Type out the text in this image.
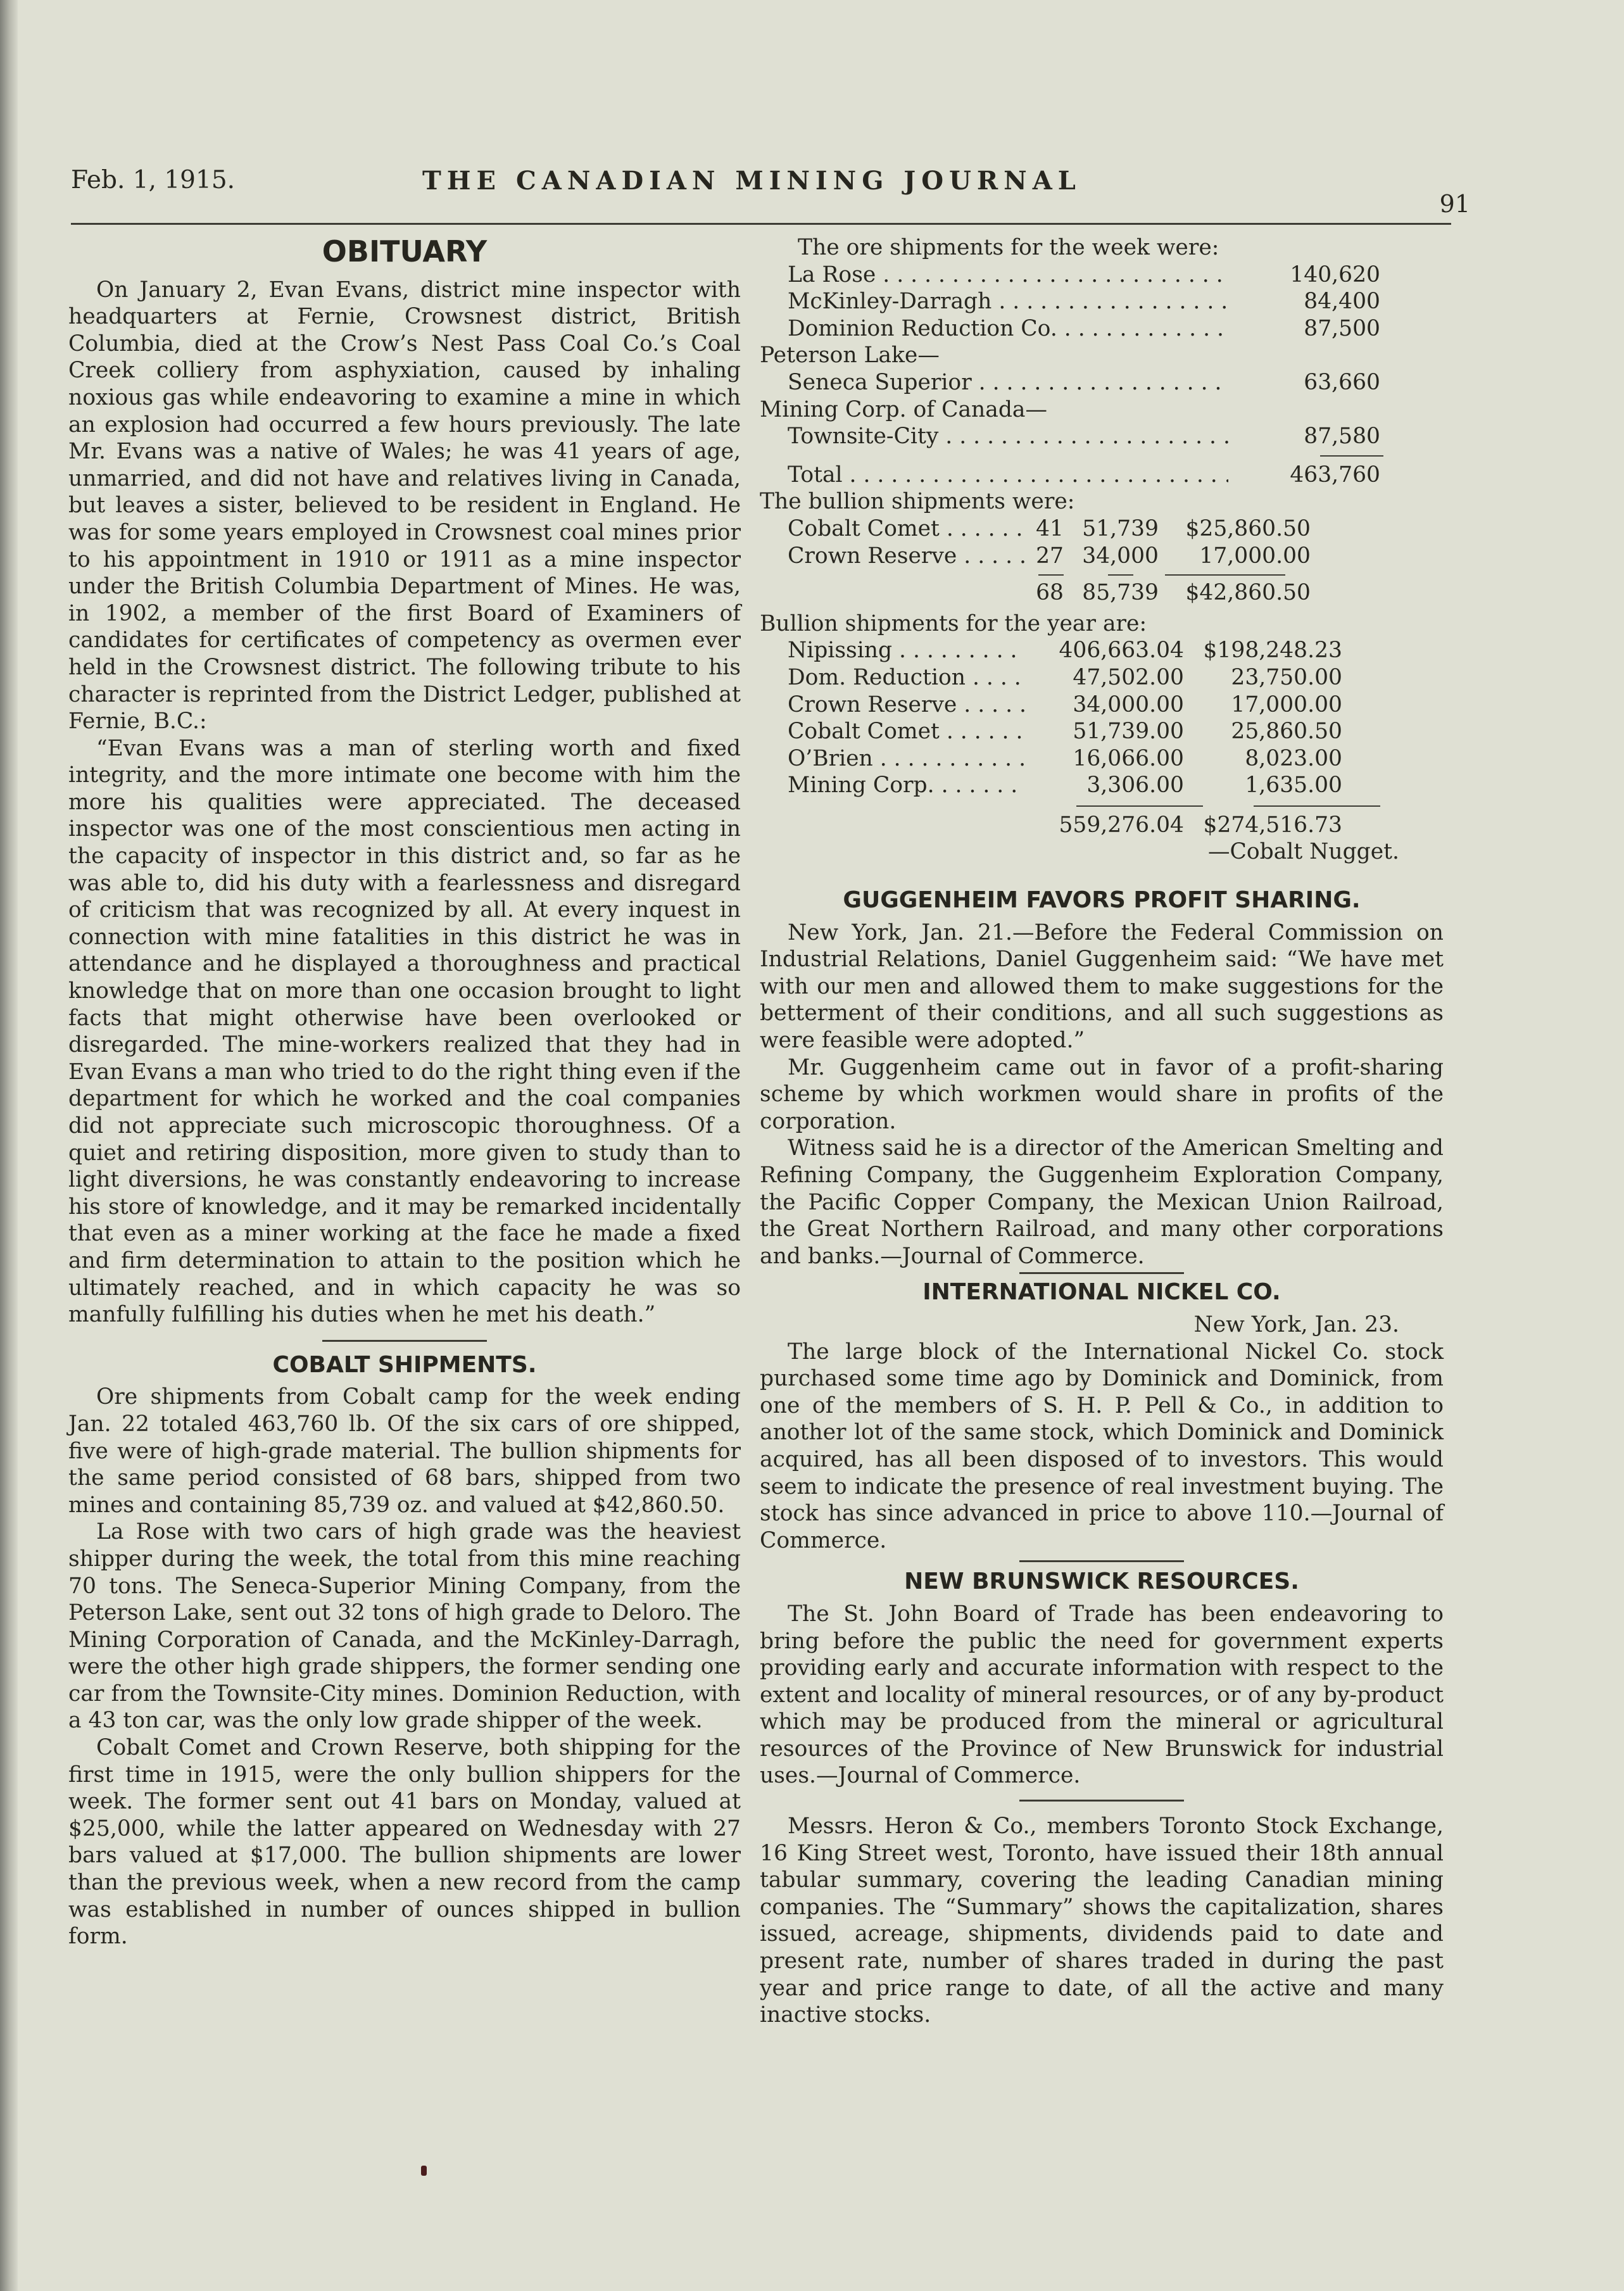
Feb. 1, 1915.	THE CANADIAN MINING JOURNAL
91
OBITUARY

On January 2, Evan Evans, district mine inspector with headquarters at Fernie, Crowsnest district, British Columbia, died at the Crow’s Nest Pass Coal Co.’s Coal Creek colliery from asphyxiation, caused by inhaling noxious gas while endeavoring to examine a mine in which an explosion had occurred a few hours previously. The late Mr. Evans was a native of Wales; he was 41 years of age, unmarried, and did not have and relatives living in Canada, but leaves a sister, believed to be resident in England. He was for some years employed in Crowsnest coal mines prior to his appointment in 1910 or 1911 as a mine inspector under the British Columbia Department of Mines. He was, in 1902, a member of the first Board of Examiners of candidates for certificates of competency as overmen ever held in the Crowsnest district. The following tribute to his character is reprinted from the District Ledger, published at Fernie, B.C.:

“Evan Evans was a man of sterling worth and fixed integrity, and the more intimate one become with him the more his qualities were appreciated. The deceased inspector was one of the most conscientious men acting in the capacity of inspector in this district and, so far as he was able to, did his duty with a fearlessness and disregard of criticism that was recognized by all. At every inquest in connection with mine fatalities in this district he was in attendance and he displayed a thoroughness and practical knowledge that on more than one occasion brought to light facts that might otherwise have been overlooked or disregarded. The mine-workers realized that they had in Evan Evans a man who tried to do the right thing even if the department for which he worked and the coal companies did not appreciate such microscopic thoroughness. Of a quiet and retiring disposition, more given to study than to light diversions, he was constantly endeavoring to increase his store of knowledge, and it may be remarked incidentally that even as a miner working at the face he made a fixed and firm determination to attain to the position which he ultimately reached, and in which capacity he was so manfully fulfilling his duties when he met his death.”

COBALT SHIPMENTS.

Ore shipments from Cobalt camp for the week ending Jan. 22 totaled 463,760 lb. Of the six cars of ore shipped, five were of high-grade material. The bullion shipments for the same period consisted of 68 bars, shipped from two mines and containing 85,739 oz. and valued at $42,860.50.

La Rose with two cars of high grade was the heaviest shipper during the week, the total from this mine reaching 70 tons. The Seneca-Superior Mining Company, from the Peterson Lake, sent out 32 tons of high grade to Deloro. The Mining Corporation of Canada, and the McKinley-Darragh, were the other high grade shippers, the former sending one car from the Townsite-City mines. Dominion Reduction, with a 43 ton car, was the only low grade shipper of the week.

Cobalt Comet and Crown Reserve, both shipping for the first time in 1915, were the only bullion shippers for the week. The former sent out 41 bars on Monday, valued at $25,000, while the latter appeared on Wednesday with 27 bars valued at $17,000. The bullion shipments are lower than the previous week, when a new record from the camp was established in number of ounces shipped in bullion form.

The ore shipments for the week were:
La Rose . . .	140,620
McKinley-Darragh . . .	84,400
Dominion Reduction Co. . . .	87,500
Peterson Lake—
Seneca Superior . . .	63,660
Mining Corp. of Canada—
Townsite-City . . .	87,580
Total . . .	463,760
The bullion shipments were:
Cobalt Comet . . .	41 51,739	$25,860.50
Crown Reserve . . .	27 34,000	17,000.00
68 85,739	$42,860.50
Bullion shipments for the year are:
Nipissing . . .	406,663.04 $198,248.23
Dom. Reduction . . .	47,502.00	23,750.00
Crown Reserve . . .	34,000.00	17,000.00
Cobalt Comet . . .	51,739.00	25,860.50
O’Brien . . .	16,066.00	8,023.00
Mining Corp. . . .	3,306.00	1,635.00
559,276.04 $274,516.73
—Cobalt Nugget.
GUGGENHEIM FAVORS PROFIT SHARING.

New York, Jan. 21.—Before the Federal Commission on Industrial Relations, Daniel Guggenheim said: “We have met with our men and allowed them to make suggestions for the betterment of their conditions, and all such suggestions as were feasible were adopted.”

Mr. Guggenheim came out in favor of a profit-sharing scheme by which workmen would share in profits of the corporation.

Witness said he is a director of the American Smelting and Refining Company, the Guggenheim Exploration Company, the Pacific Copper Company, the Mexican Union Railroad, the Great Northern Railroad, and many other corporations and banks.—Journal of Commerce.

INTERNATIONAL NICKEL CO.
New York, Jan. 23.

The large block of the International Nickel Co. stock purchased some time ago by Dominick and Dominick, from one of the members of S. H. P. Pell & Co., in addition to another lot of the same stock, which Dominick and Dominick acquired, has all been disposed of to investors. This would seem to indicate the presence of real investment buying. The stock has since advanced in price to above 110.—Journal of Commerce.

NEW BRUNSWICK RESOURCES.

The St. John Board of Trade has been endeavoring to bring before the public the need for government experts providing early and accurate information with respect to the extent and locality of mineral resources, or of any by-product which may be produced from the mineral or agricultural resources of the Province of New Brunswick for industrial uses.—Journal of Commerce.

Messrs. Heron & Co., members Toronto Stock Exchange, 16 King Street west, Toronto, have issued their 18th annual tabular summary, covering the leading Canadian mining companies. The “Summary” shows the capitalization, shares issued, acreage, shipments, dividends paid to date and present rate, number of shares traded in during the past year and price range to date, of all the active and many inactive stocks.
